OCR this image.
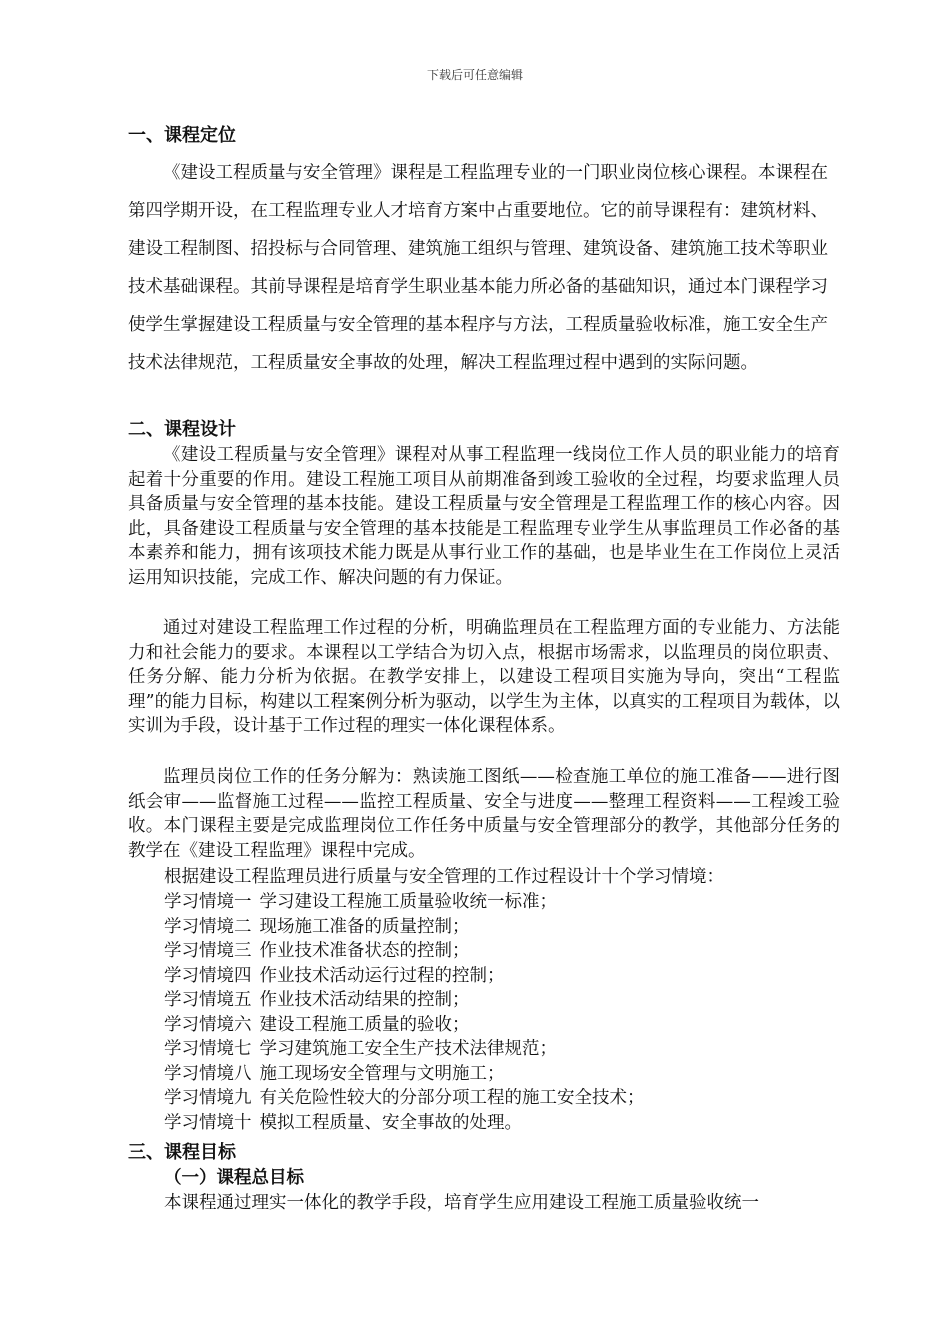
下载后可任意编辑
一、课程定位

《建设工程质量与安全管理》课程是工程监理专业的一门职业岗位核心课程。本课程在第四学期开设，在工程监理专业人才培育方案中占重要地位。它的前导课程有：建筑材料、建设工程制图、招投标与合同管理、建筑施工组织与管理、建筑设备、建筑施工技术等职业技术基础课程。其前导课程是培育学生职业基本能力所必备的基础知识，通过本门课程学习使学生掌握建设工程质量与安全管理的基本程序与方法，工程质量验收标准，施工安全生产技术法律规范，工程质量安全事故的处理，解决工程监理过程中遇到的实际问题。

二、课程设计

《建设工程质量与安全管理》课程对从事工程监理一线岗位工作人员的职业能力的培育起着十分重要的作用。建设工程施工项目从前期准备到竣工验收的全过程，均要求监理人员具备质量与安全管理的基本技能。建设工程质量与安全管理是工程监理工作的核心内容。因此，具备建设工程质量与安全管理的基本技能是工程监理专业学生从事监理员工作必备的基本素养和能力，拥有该项技术能力既是从事行业工作的基础，也是毕业生在工作岗位上灵活运用知识技能，完成工作、解决问题的有力保证。

通过对建设工程监理工作过程的分析，明确监理员在工程监理方面的专业能力、方法能力和社会能力的要求。本课程以工学结合为切入点，根据市场需求，以监理员的岗位职责、任务分解、能力分析为依据。在教学安排上，以建设工程项目实施为导向，突出“工程监理”的能力目标，构建以工程案例分析为驱动，以学生为主体，以真实的工程项目为载体，以实训为手段，设计基于工作过程的理实一体化课程体系。

监理员岗位工作的任务分解为：熟读施工图纸——检查施工单位的施工准备——进行图纸会审——监督施工过程——监控工程质量、安全与进度——整理工程资料——工程竣工验收。本门课程主要是完成监理岗位工作任务中质量与安全管理部分的教学，其他部分任务的教学在《建设工程监理》课程中完成。

根据建设工程监理员进行质量与安全管理的工作过程设计十个学习情境：
学习情境一 学习建设工程施工质量验收统一标准；
学习情境二 现场施工准备的质量控制；
学习情境三 作业技术准备状态的控制；
学习情境四 作业技术活动运行过程的控制；
学习情境五 作业技术活动结果的控制；
学习情境六 建设工程施工质量的验收；
学习情境七 学习建筑施工安全生产技术法律规范；
学习情境八 施工现场安全管理与文明施工；
学习情境九 有关危险性较大的分部分项工程的施工安全技术；
学习情境十 模拟工程质量、安全事故的处理。
三、课程目标
（一）课程总目标
本课程通过理实一体化的教学手段，培育学生应用建设工程施工质量验收统一
